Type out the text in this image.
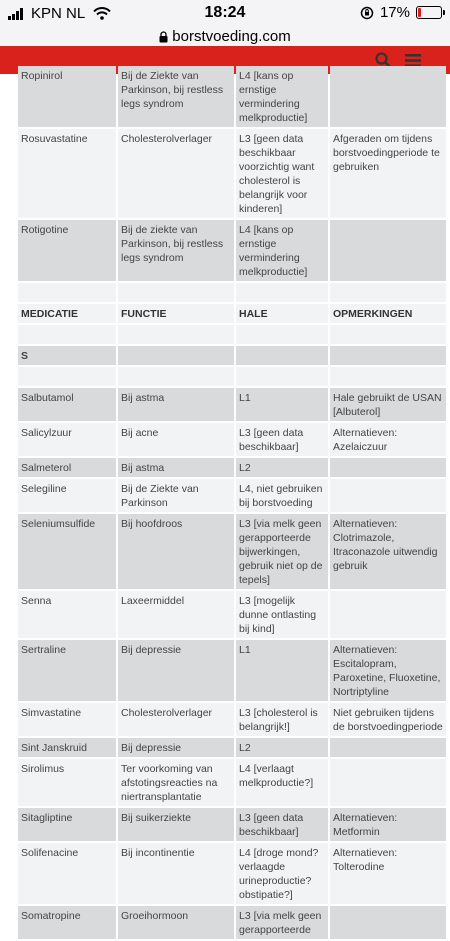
18:24
KPN NL	17%
borstvoeding.com
Ropinirol	Bij de Ziekte van Parkinson, bij restless legs syndrom	L4 [kans op ernstige vermindering melkproductie]	
Rosuvastatine	Cholesterolverlager	L3 [geen data beschikbaar voorzichtig want cholesterol is belangrijk voor kinderen]	Afgeraden om tijdens borstvoedingperiode te gebruiken
Rotigotine	Bij de ziekte van Parkinson, bij restless legs syndrom	L4 [kans op ernstige vermindering melkproductie]	

MEDICATIE	FUNCTIE	HALE	OPMERKINGEN

S			

Salbutamol	Bij astma	L1	Hale gebruikt de USAN [Albuterol]
Salicylzuur	Bij acne	L3 [geen data beschikbaar]	Alternatieven: Azelaiczuur
Salmeterol	Bij astma	L2	
Selegiline	Bij de Ziekte van Parkinson	L4, niet gebruiken bij borstvoeding	
Seleniumsulfide	Bij hoofdroos	L3 [via melk geen gerapporteerde bijwerkingen, gebruik niet op de tepels]	Alternatieven: Clotrimazole, Itraconazole uitwendig gebruik
Senna	Laxeermiddel	L3 [mogelijk dunne ontlasting bij kind]	
Sertraline	Bij depressie	L1	Alternatieven: Escitalopram, Paroxetine, Fluoxetine, Nortriptyline
Simvastatine	Cholesterolverlager	L3 [cholesterol is belangrijk!]	Niet gebruiken tijdens de borstvoedingperiode
Sint Janskruid	Bij depressie	L2	
Sirolimus	Ter voorkoming van afstotingsreacties na niertransplantatie	L4 [verlaagt melkproductie?]	
Sitagliptine	Bij suikerziekte	L3 [geen data beschikbaar]	Alternatieven: Metformin
Solifenacine	Bij incontinentie	L4 [droge mond? verlaagde urineproductie? obstipatie?]	Alternatieven: Tolterodine
Somatropine	Groeihormoon	L3 [via melk geen gerapporteerde	
